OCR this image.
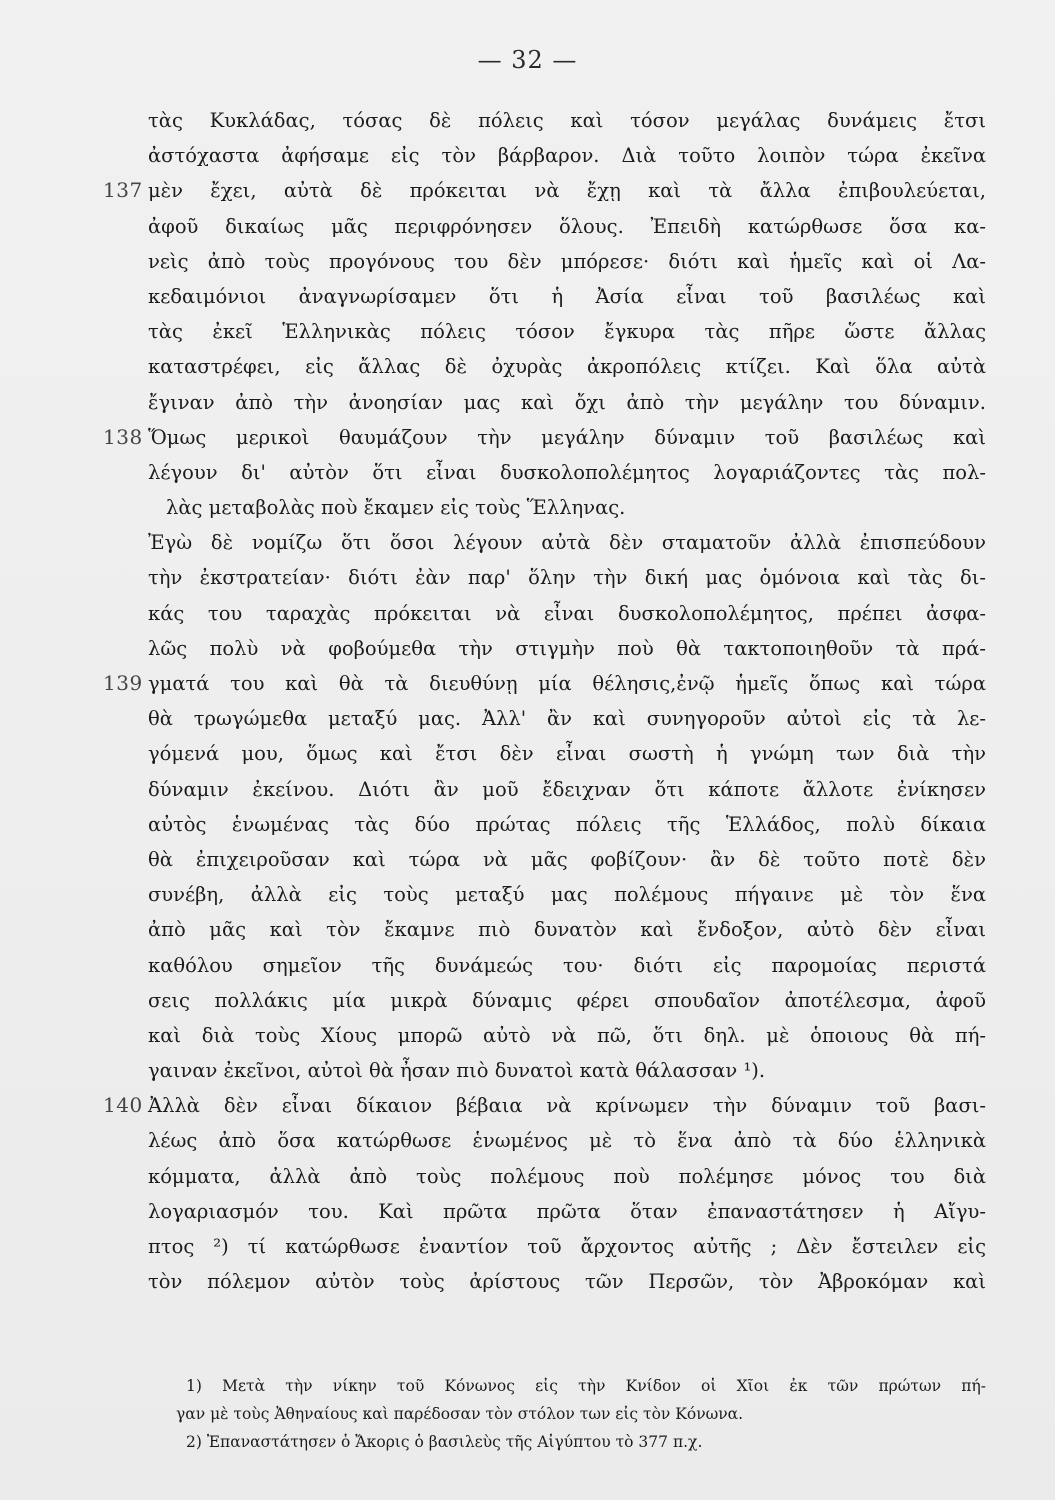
— 32 —
τὰς Κυκλάδας, τόσας δὲ πόλεις καὶ τόσον μεγάλας δυνάμεις ἔτσι
ἀστόχαστα ἀφήσαμε εἰς τὸν βάρβαρον. Διὰ τοῦτο λοιπὸν τώρα ἐκεῖνα
137 μὲν ἔχει, αὐτὰ δὲ πρόκειται νὰ ἔχῃ καὶ τὰ ἄλλα ἐπιβουλεύεται,
ἀφοῦ δικαίως μᾶς περιφρόνησεν ὅλους. Ἐπειδὴ κατώρθωσε ὅσα κα-
νεὶς ἀπὸ τοὺς προγόνους του δὲν μπόρεσε· διότι καὶ ἡμεῖς καὶ οἱ Λα-
κεδαιμόνιοι ἀναγνωρίσαμεν ὅτι ἡ Ἀσία εἶναι τοῦ βασιλέως καὶ
τὰς ἐκεῖ Ἑλληνικὰς πόλεις τόσον ἔγκυρα τὰς πῆρε ὥστε ἄλλας
καταστρέφει, εἰς ἄλλας δὲ ὀχυρὰς ἀκροπόλεις κτίζει. Καὶ ὅλα αὐτὰ
ἔγιναν ἀπὸ τὴν ἀνοησίαν μας καὶ ὄχι ἀπὸ τὴν μεγάλην του δύναμιν.
138 Ὅμως μερικοὶ θαυμάζουν τὴν μεγάλην δύναμιν τοῦ βασιλέως καὶ
λέγουν δι' αὐτὸν ὅτι εἶναι δυσκολοπολέμητος λογαριάζοντες τὰς πολ-
λὰς μεταβολὰς ποὺ ἔκαμεν εἰς τοὺς Ἕλληνας.
Ἐγὼ δὲ νομίζω ὅτι ὅσοι λέγουν αὐτὰ δὲν σταματοῦν ἀλλὰ ἐπισπεύδουν
τὴν ἐκστρατείαν· διότι ἐὰν παρ' ὅλην τὴν δική μας ὁμόνοια καὶ τὰς δι-
κάς του ταραχὰς πρόκειται νὰ εἶναι δυσκολοπολέμητος, πρέπει ἀσφα-
λῶς πολὺ νὰ φοβούμεθα τὴν στιγμὴν ποὺ θὰ τακτοποιηθοῦν τὰ πρά-
139 γματά του καὶ θὰ τὰ διευθύνῃ μία θέλησις,ἐνῷ ἡμεῖς ὅπως καὶ τώρα
θὰ τρωγώμεθα μεταξύ μας. Ἀλλ' ἂν καὶ συνηγοροῦν αὐτοὶ εἰς τὰ λε-
γόμενά μου, ὅμως καὶ ἔτσι δὲν εἶναι σωστὴ ἡ γνώμη των διὰ τὴν
δύναμιν ἐκείνου. Διότι ἂν μοῦ ἔδειχναν ὅτι κάποτε ἄλλοτε ἐνίκησεν
αὐτὸς ἑνωμένας τὰς δύο πρώτας πόλεις τῆς Ἑλλάδος, πολὺ δίκαια
θὰ ἐπιχειροῦσαν καὶ τώρα νὰ μᾶς φοβίζουν· ἂν δὲ τοῦτο ποτὲ δὲν
συνέβη, ἀλλὰ εἰς τοὺς μεταξύ μας πολέμους πήγαινε μὲ τὸν ἕνα
ἀπὸ μᾶς καὶ τὸν ἔκαμνε πιὸ δυνατὸν καὶ ἔνδοξον, αὐτὸ δὲν εἶναι
καθόλου σημεῖον τῆς δυνάμεώς του· διότι εἰς παρομοίας περιστά
σεις πολλάκις μία μικρὰ δύναμις φέρει σπουδαῖον ἀποτέλεσμα, ἀφοῦ
καὶ διὰ τοὺς Χίους μπορῶ αὐτὸ νὰ πῶ, ὅτι δηλ. μὲ ὁποιους θὰ πή-
γαιναν ἐκεῖνοι, αὐτοὶ θὰ ἦσαν πιὸ δυνατοὶ κατὰ θάλασσαν ¹).
140 Ἀλλὰ δὲν εἶναι δίκαιον βέβαια νὰ κρίνωμεν τὴν δύναμιν τοῦ βασι-
λέως ἀπὸ ὅσα κατώρθωσε ἑνωμένος μὲ τὸ ἕνα ἀπὸ τὰ δύο ἑλληνικὰ
κόμματα, ἀλλὰ ἀπὸ τοὺς πολέμους ποὺ πολέμησε μόνος του διὰ
λογαριασμόν του. Καὶ πρῶτα πρῶτα ὅταν ἐπαναστάτησεν ἡ Αἴγυ-
πτος ²) τί κατώρθωσε ἐναντίον τοῦ ἄρχοντος αὐτῆς ; Δὲν ἔστειλεν εἰς
τὸν πόλεμον αὐτὸν τοὺς ἀρίστους τῶν Περσῶν, τὸν Ἀβροκόμαν καὶ
1) Μετὰ τὴν νίκην τοῦ Κόνωνος εἰς τὴν Κνίδον οἱ Χῖοι ἐκ τῶν πρώτων πή-
γαν μὲ τοὺς Ἀθηναίους καὶ παρέδοσαν τὸν στόλον των εἰς τὸν Κόνωνα.
2) Ἐπαναστάτησεν ὁ Ἄκορις ὁ βασιλεὺς τῆς Αἰγύπτου τὸ 377 π.χ.
